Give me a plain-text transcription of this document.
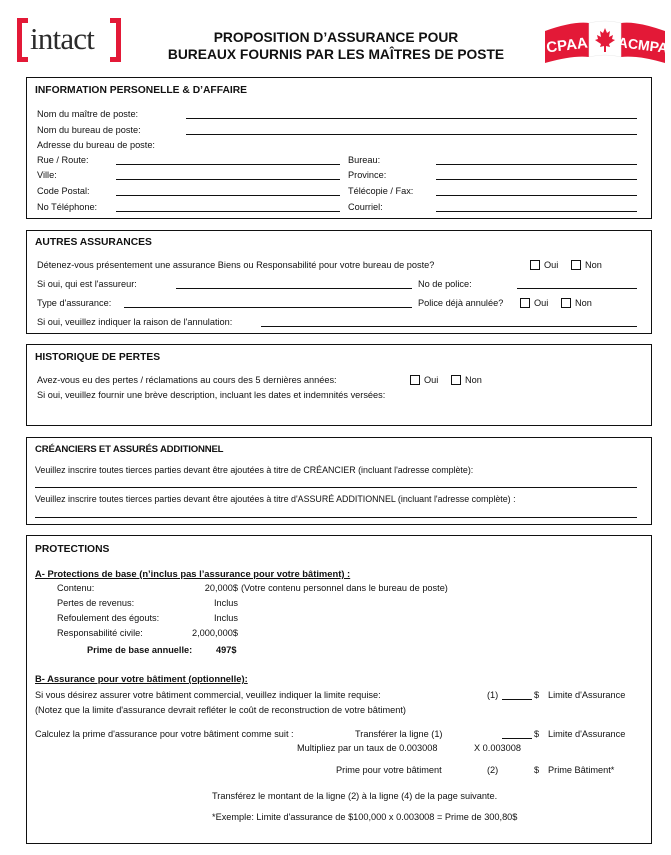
intact	PROPOSITION D’ASSURANCE POUR
BUREAUX FOURNIS PAR LES MAÎTRES DE POSTE	CPAA ACMPA
INFORMATION PERSONELLE & D’AFFAIRE
Nom du maître de poste:
Nom du bureau de poste:
Adresse du bureau de poste:
Rue / Route:	Bureau:
Ville:	Province:
Code Postal:	Télécopie / Fax:
No Téléphone:	Courriel:
AUTRES ASSURANCES
Détenez-vous présentement une assurance Biens ou Responsabilité pour votre bureau de poste?	Oui	Non
Si oui, qui est l'assureur:	No de police:
Type d'assurance:	Police déjà annulée?	Oui	Non
Si oui, veuillez indiquer la raison de l'annulation:
HISTORIQUE DE PERTES
Avez-vous eu des pertes / réclamations au cours des 5 dernières années:	Oui	Non
Si oui, veuillez fournir une brève description, incluant les dates et indemnités versées:
CRÉANCIERS ET ASSURÉS ADDITIONNEL
Veuillez inscrire toutes tierces parties devant être ajoutées à titre de CRÉANCIER (incluant l'adresse complète):
Veuillez inscrire toutes tierces parties devant être ajoutées à titre d'ASSURÉ ADDITIONNEL (incluant l'adresse complète) :
PROTECTIONS
A- Protections de base (n’inclus pas l’assurance pour votre bâtiment) :
Contenu:	20,000$ (Votre contenu personnel dans le bureau de poste)
Pertes de revenus:	Inclus
Refoulement des égouts:	Inclus
Responsabilité civile:	2,000,000$
Prime de base annuelle:	497$
B- Assurance pour votre bâtiment (optionnelle):
Si vous désirez assurer votre bâtiment commercial, veuillez indiquer la limite requise:	(1)	$ Limite d'Assurance
(Notez que la limite d'assurance devrait refléter le coût de reconstruction de votre bâtiment)
Calculez la prime d'assurance pour votre bâtiment comme suit :	Transférer la ligne (1)	$ Limite d'Assurance
Multipliez par un taux de 0.003008	X 0.003008
Prime pour votre bâtiment	(2)	$ Prime Bâtiment*
Transférez le montant de la ligne (2) à la ligne (4) de la page suivante.
*Exemple: Limite d'assurance de $100,000 x 0.003008 = Prime de 300,80$
